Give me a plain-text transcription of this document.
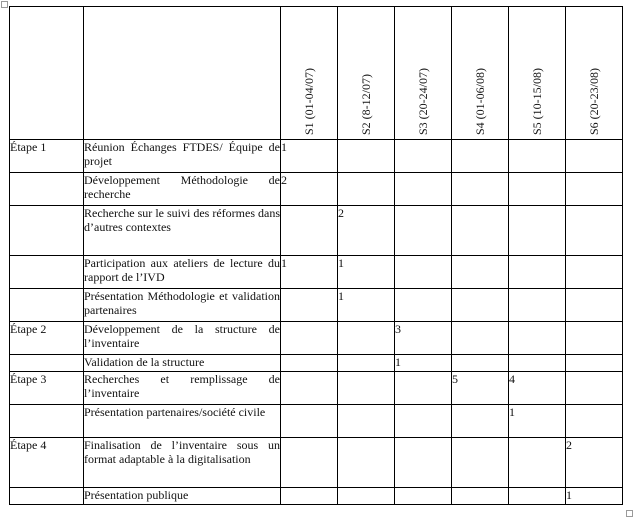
		S1 (01-04/07)	S2 (8-12/07)	S3 (20-24/07)	S4 (01-06/08)	S5 (10-15/08)	S6 (20-23/08)

Étape 1	Réunion Échanges FTDES/ Équipe de projet	1					
	Développement Méthodologie de recherche	2					
	Recherche sur le suivi des réformes dans d’autres contextes		2				
	Participation aux ateliers de lecture du rapport de l’IVD	1	1				
	Présentation Méthodologie et validation partenaires		1				
Étape 2	Développement de la structure de l’inventaire			3			
	Validation de la structure			1			
Étape 3	Recherches et remplissage de l’inventaire				5	4	
	Présentation partenaires/société civile					1	
Étape 4	Finalisation de l’inventaire sous un format adaptable à la digitalisation						2
	Présentation publique						1
